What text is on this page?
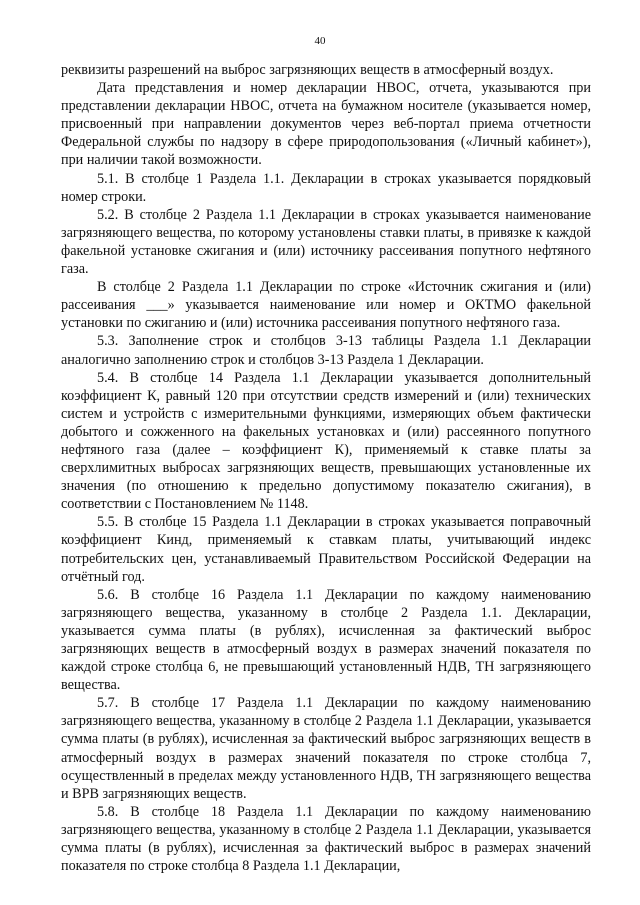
40

реквизиты разрешений на выброс загрязняющих веществ в атмосферный воздух.

Дата представления и номер декларации НВОС, отчета, указываются при представлении декларации НВОС, отчета на бумажном носителе (указывается номер, присвоенный при направлении документов через веб-портал приема отчетности Федеральной службы по надзору в сфере природопользования («Личный кабинет»), при наличии такой возможности.

5.1. В столбце 1 Раздела 1.1. Декларации в строках указывается порядковый номер строки.

5.2. В столбце 2 Раздела 1.1 Декларации в строках указывается наименование загрязняющего вещества, по которому установлены ставки платы, в привязке к каждой факельной установке сжигания и (или) источнику рассеивания попутного нефтяного газа.

В столбце 2 Раздела 1.1 Декларации по строке «Источник сжигания и (или) рассеивания ___» указывается наименование или номер и ОКТМО факельной установки по сжиганию и (или) источника рассеивания попутного нефтяного газа.

5.3. Заполнение строк и столбцов 3-13 таблицы Раздела 1.1 Декларации аналогично заполнению строк и столбцов 3-13 Раздела 1 Декларации.

5.4. В столбце 14 Раздела 1.1 Декларации указывается дополнительный коэффициент К, равный 120 при отсутствии средств измерений и (или) технических систем и устройств с измерительными функциями, измеряющих объем фактически добытого и сожженного на факельных установках и (или) рассеянного попутного нефтяного газа (далее – коэффициент К), применяемый к ставке платы за сверхлимитных выбросах загрязняющих веществ, превышающих установленные их значения (по отношению к предельно допустимому показателю сжигания), в соответствии с Постановлением № 1148.

5.5. В столбце 15 Раздела 1.1 Декларации в строках указывается поправочный коэффициент Кинд, применяемый к ставкам платы, учитывающий индекс потребительских цен, устанавливаемый Правительством Российской Федерации на отчётный год.

5.6. В столбце 16 Раздела 1.1 Декларации по каждому наименованию загрязняющего вещества, указанному в столбце 2 Раздела 1.1. Декларации, указывается сумма платы (в рублях), исчисленная за фактический выброс загрязняющих веществ в атмосферный воздух в размерах значений показателя по каждой строке столбца 6, не превышающий установленный НДВ, ТН загрязняющего вещества.

5.7. В столбце 17 Раздела 1.1 Декларации по каждому наименованию загрязняющего вещества, указанному в столбце 2 Раздела 1.1 Декларации, указывается сумма платы (в рублях), исчисленная за фактический выброс загрязняющих веществ в атмосферный воздух в размерах значений показателя по строке столбца 7, осуществленный в пределах между установленного НДВ, ТН загрязняющего вещества и ВРВ загрязняющих веществ.

5.8. В столбце 18 Раздела 1.1 Декларации по каждому наименованию загрязняющего вещества, указанному в столбце 2 Раздела 1.1 Декларации, указывается сумма платы (в рублях), исчисленная за фактический выброс в размерах значений показателя по строке столбца 8 Раздела 1.1 Декларации,
